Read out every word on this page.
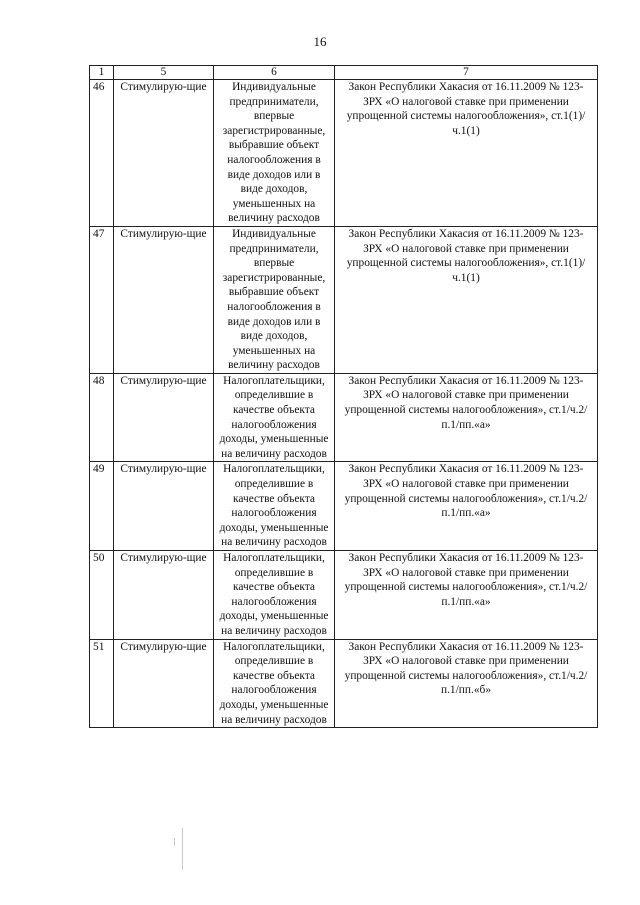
16
1	5	6	7
46	Стимулирую-щие	Индивидуальные предприниматели, впервые зарегистрированные, выбравшие объект налогообложения в виде доходов или в виде доходов, уменьшенных на величину расходов	Закон Республики Хакасия от 16.11.2009 № 123-ЗРХ «О налоговой ставке при применении упрощенной системы налогообложения», ст.1(1)/ч.1(1)
47	Стимулирую-щие	Индивидуальные предприниматели, впервые зарегистрированные, выбравшие объект налогообложения в виде доходов или в виде доходов, уменьшенных на величину расходов	Закон Республики Хакасия от 16.11.2009 № 123-ЗРХ «О налоговой ставке при применении упрощенной системы налогообложения», ст.1(1)/ч.1(1)
48	Стимулирую-щие	Налогоплательщики, определившие в качестве объекта налогообложения доходы, уменьшенные на величину расходов	Закон Республики Хакасия от 16.11.2009 № 123-ЗРХ «О налоговой ставке при применении упрощенной системы налогообложения», ст.1/ч.2/п.1/пп.«а»
49	Стимулирую-щие	Налогоплательщики, определившие в качестве объекта налогообложения доходы, уменьшенные на величину расходов	Закон Республики Хакасия от 16.11.2009 № 123-ЗРХ «О налоговой ставке при применении упрощенной системы налогообложения», ст.1/ч.2/п.1/пп.«а»
50	Стимулирую-щие	Налогоплательщики, определившие в качестве объекта налогообложения доходы, уменьшенные на величину расходов	Закон Республики Хакасия от 16.11.2009 № 123-ЗРХ «О налоговой ставке при применении упрощенной системы налогообложения», ст.1/ч.2/п.1/пп.«а»
51	Стимулирую-щие	Налогоплательщики, определившие в качестве объекта налогообложения доходы, уменьшенные на величину расходов	Закон Республики Хакасия от 16.11.2009 № 123-ЗРХ «О налоговой ставке при применении упрощенной системы налогообложения», ст.1/ч.2/п.1/пп.«б»
